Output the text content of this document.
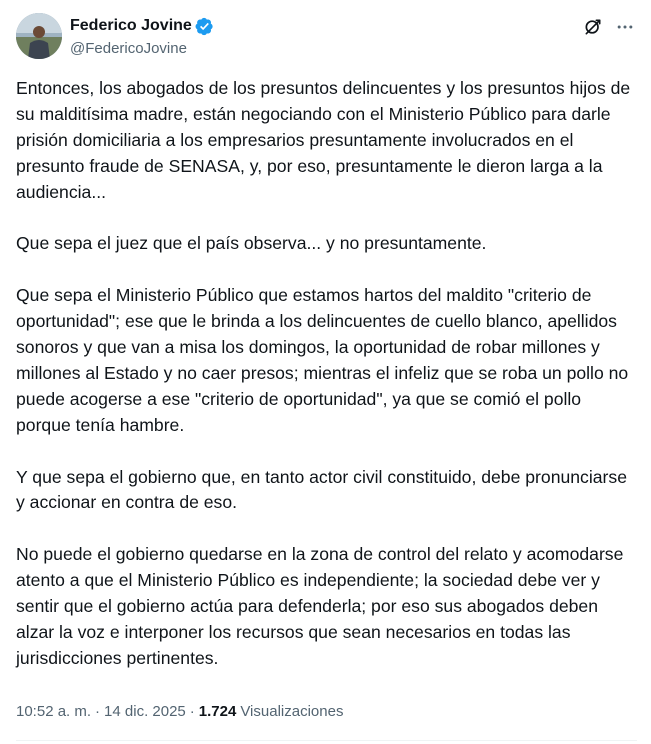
Federico Jovine
@FedericoJovine

Entonces, los abogados de los presuntos delincuentes y los presuntos hijos de su malditísima madre, están negociando con el Ministerio Público para darle prisión domiciliaria a los empresarios presuntamente involucrados en el presunto fraude de SENASA, y, por eso, presuntamente le dieron larga a la audiencia...

Que sepa el juez que el país observa... y no presuntamente.

Que sepa el Ministerio Público que estamos hartos del maldito "criterio de oportunidad"; ese que le brinda a los delincuentes de cuello blanco, apellidos sonoros y que van a misa los domingos, la oportunidad de robar millones y millones al Estado y no caer presos; mientras el infeliz que se roba un pollo no puede acogerse a ese "criterio de oportunidad", ya que se comió el pollo porque tenía hambre.

Y que sepa el gobierno que, en tanto actor civil constituido, debe pronunciarse y accionar en contra de eso.

No puede el gobierno quedarse en la zona de control del relato y acomodarse atento a que el Ministerio Público es independiente; la sociedad debe ver y sentir que el gobierno actúa para defenderla; por eso sus abogados deben alzar la voz e interponer los recursos que sean necesarios en todas las jurisdicciones pertinentes.

10:52 a. m. · 14 dic. 2025 · 1.724 Visualizaciones
